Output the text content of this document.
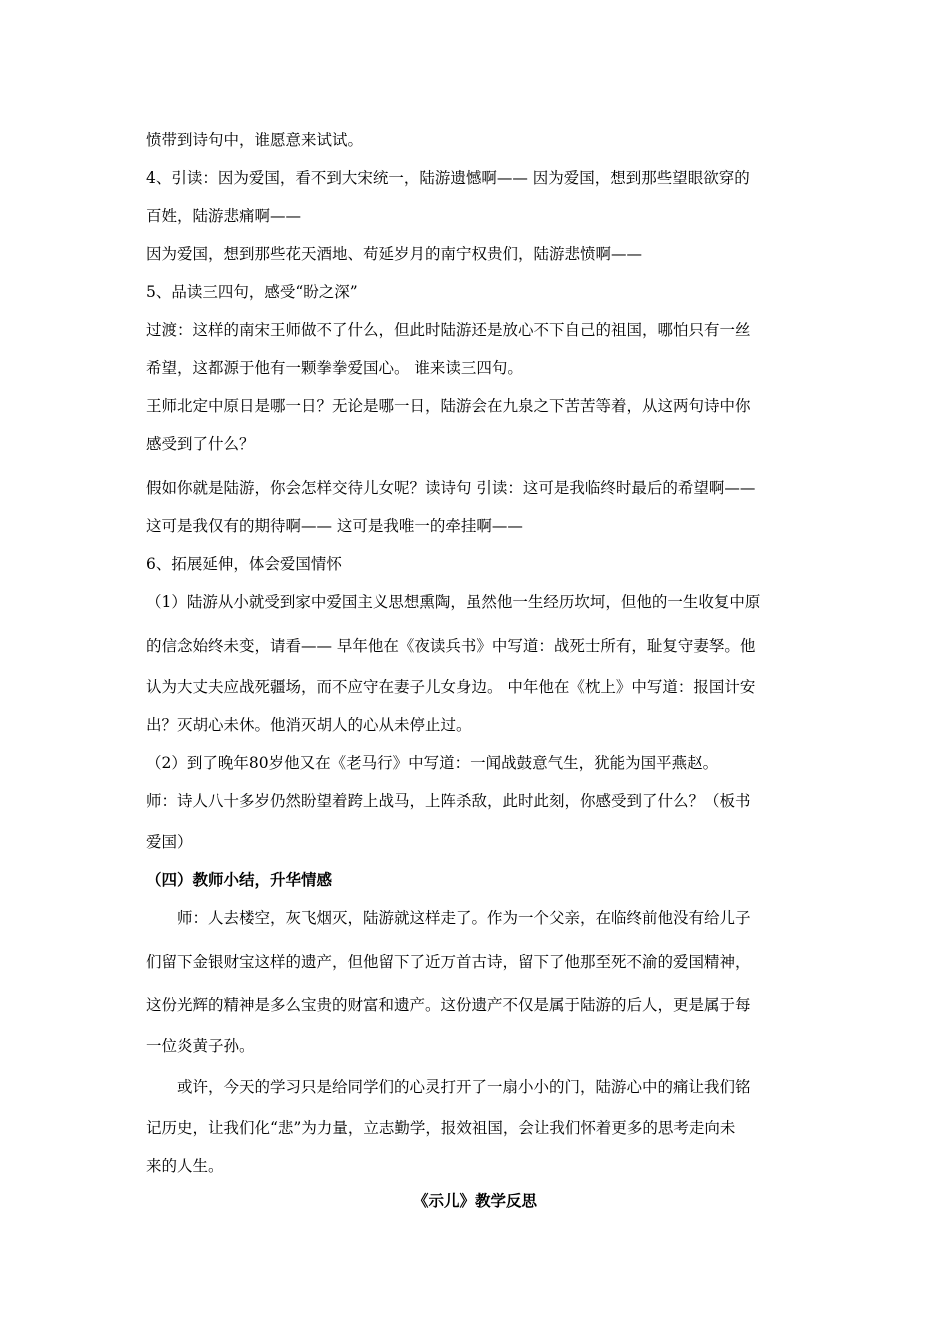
愤带到诗句中，谁愿意来试试。
4、引读：因为爱国，看不到大宋统一，陆游遗憾啊—— 因为爱国，想到那些望眼欲穿的
百姓，陆游悲痛啊——
因为爱国，想到那些花天酒地、苟延岁月的南宁权贵们，陆游悲愤啊——
5、品读三四句，感受“盼之深”
过渡：这样的南宋王师做不了什么，但此时陆游还是放心不下自己的祖国，哪怕只有一丝
希望，这都源于他有一颗拳拳爱国心。 谁来读三四句。
王师北定中原日是哪一日？无论是哪一日，陆游会在九泉之下苦苦等着，从这两句诗中你
感受到了什么？
假如你就是陆游，你会怎样交待儿女呢？读诗句 引读：这可是我临终时最后的希望啊——
这可是我仅有的期待啊—— 这可是我唯一的牵挂啊——
6、拓展延伸，体会爱国情怀
（1）陆游从小就受到家中爱国主义思想熏陶，虽然他一生经历坎坷，但他的一生收复中原
的信念始终未变，请看—— 早年他在《夜读兵书》中写道：战死士所有，耻复守妻孥。他
认为大丈夫应战死疆场，而不应守在妻子儿女身边。 中年他在《枕上》中写道：报国计安
出？灭胡心未休。他消灭胡人的心从未停止过。
（2）到了晚年80岁他又在《老马行》中写道：一闻战鼓意气生，犹能为国平燕赵。
师：诗人八十多岁仍然盼望着跨上战马，上阵杀敌，此时此刻，你感受到了什么？（板书
爱国）
（四）教师小结，升华情感
　　师：人去楼空，灰飞烟灭，陆游就这样走了。作为一个父亲，在临终前他没有给儿子
们留下金银财宝这样的遗产，但他留下了近万首古诗，留下了他那至死不渝的爱国精神，
这份光辉的精神是多么宝贵的财富和遗产。这份遗产不仅是属于陆游的后人，更是属于每
一位炎黄子孙。
　　或许，今天的学习只是给同学们的心灵打开了一扇小小的门，陆游心中的痛让我们铭
记历史，让我们化“悲”为力量，立志勤学，报效祖国，会让我们怀着更多的思考走向未
来的人生。
《示儿》教学反思
